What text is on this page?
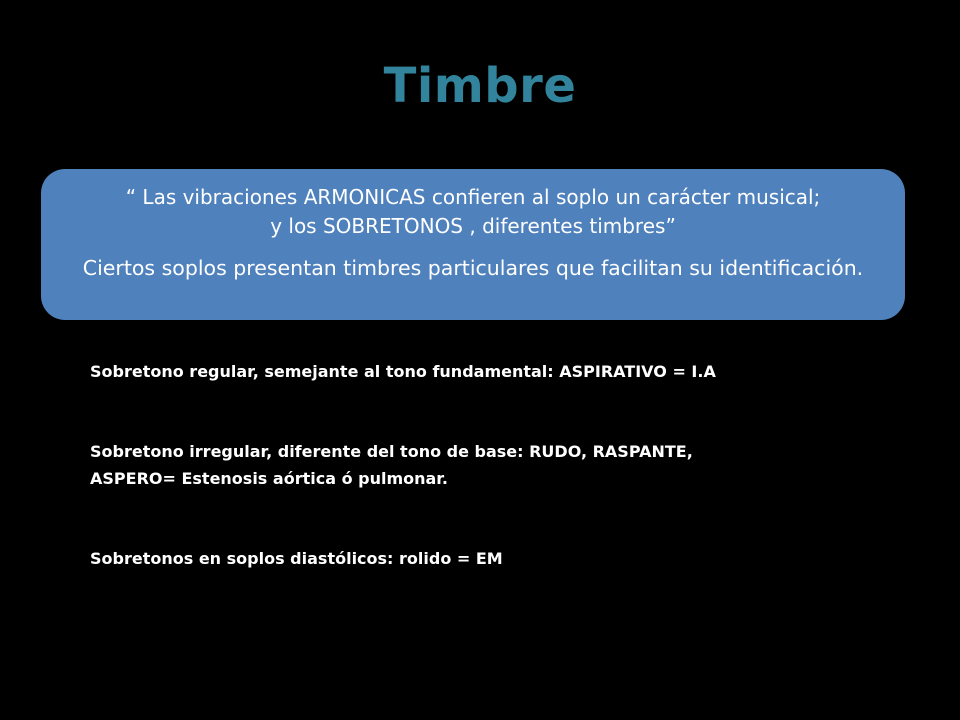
Timbre
“ Las vibraciones ARMONICAS confieren al soplo un carácter musical;
y los SOBRETONOS , diferentes timbres”
Ciertos soplos presentan timbres particulares que facilitan su identificación.
Sobretono regular, semejante al tono fundamental: ASPIRATIVO = I.A
Sobretono irregular, diferente del tono de base: RUDO, RASPANTE,
ASPERO= Estenosis aórtica ó pulmonar.
Sobretonos en soplos diastólicos: rolido = EM
